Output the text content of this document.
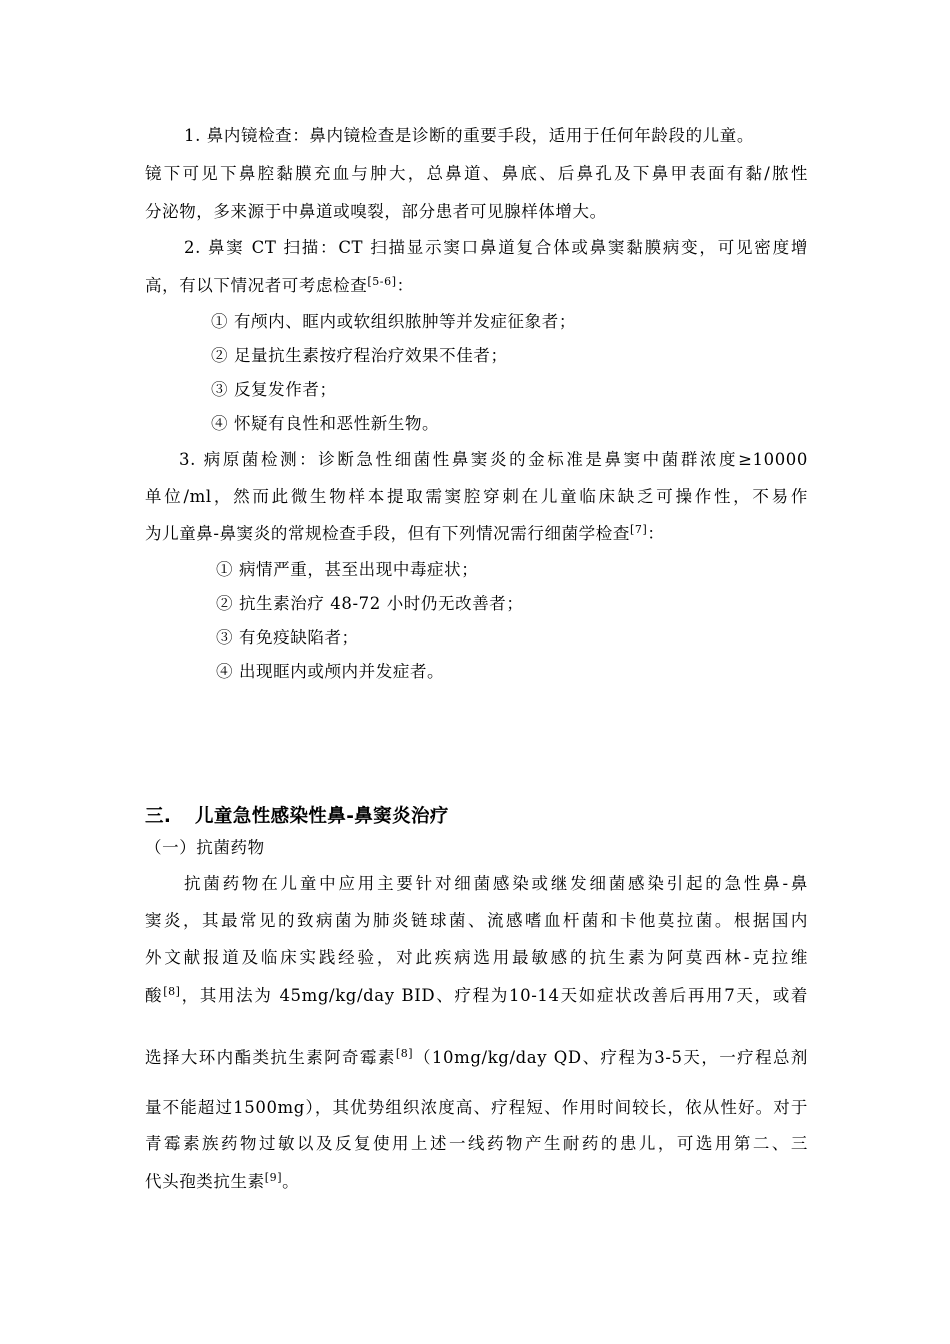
1. 鼻内镜检查：鼻内镜检查是诊断的重要手段，适用于任何年龄段的儿童。
镜下可见下鼻腔黏膜充血与肿大，总鼻道、鼻底、后鼻孔及下鼻甲表面有黏/脓性
分泌物，多来源于中鼻道或嗅裂，部分患者可见腺样体增大。
2. 鼻窦 CT 扫描：CT 扫描显示窦口鼻道复合体或鼻窦黏膜病变，可见密度增
高，有以下情况者可考虑检查[5-6]：
① 有颅内、眶内或软组织脓肿等并发症征象者；
② 足量抗生素按疗程治疗效果不佳者；
③ 反复发作者；
④ 怀疑有良性和恶性新生物。
3. 病原菌检测：诊断急性细菌性鼻窦炎的金标准是鼻窦中菌群浓度≥10000
单位/ml，然而此微生物样本提取需窦腔穿刺在儿童临床缺乏可操作性，不易作
为儿童鼻-鼻窦炎的常规检查手段，但有下列情况需行细菌学检查[7]：
① 病情严重，甚至出现中毒症状；
② 抗生素治疗 48-72 小时仍无改善者；
③ 有免疫缺陷者；
④ 出现眶内或颅内并发症者。
三. 儿童急性感染性鼻-鼻窦炎治疗
（一）抗菌药物
抗菌药物在儿童中应用主要针对细菌感染或继发细菌感染引起的急性鼻-鼻
窦炎，其最常见的致病菌为肺炎链球菌、流感嗜血杆菌和卡他莫拉菌。根据国内
外文献报道及临床实践经验，对此疾病选用最敏感的抗生素为阿莫西林-克拉维
酸[8]，其用法为 45mg/kg/day BID、疗程为10-14天如症状改善后再用7天，或着
选择大环内酯类抗生素阿奇霉素[8]（10mg/kg/day QD、疗程为3-5天，一疗程总剂
量不能超过1500mg），其优势组织浓度高、疗程短、作用时间较长，依从性好。对于
青霉素族药物过敏以及反复使用上述一线药物产生耐药的患儿，可选用第二、三
代头孢类抗生素[9]。
